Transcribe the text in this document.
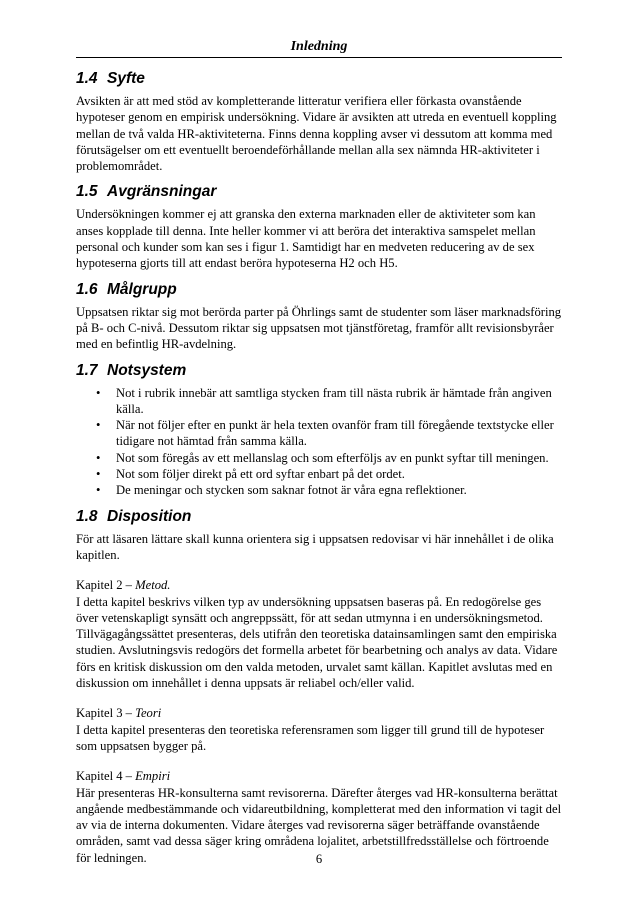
Inledning
1.4 Syfte

Avsikten är att med stöd av kompletterande litteratur verifiera eller förkasta ovanstående hypoteser genom en empirisk undersökning. Vidare är avsikten att utreda en eventuell koppling mellan de två valda HR-aktiviteterna. Finns denna koppling avser vi dessutom att komma med förutsägelser om ett eventuellt beroendeförhållande mellan alla sex nämnda HR-aktiviteter i problemområdet.

1.5 Avgränsningar

Undersökningen kommer ej att granska den externa marknaden eller de aktiviteter som kan anses kopplade till denna. Inte heller kommer vi att beröra det interaktiva samspelet mellan personal och kunder som kan ses i figur 1. Samtidigt har en medveten reducering av de sex hypoteserna gjorts till att endast beröra hypoteserna H2 och H5.

1.6 Målgrupp

Uppsatsen riktar sig mot berörda parter på Öhrlings samt de studenter som läser marknadsföring på B- och C-nivå. Dessutom riktar sig uppsatsen mot tjänstföretag, framför allt revisionsbyråer med en befintlig HR-avdelning.

1.7 Notsystem
• Not i rubrik innebär att samtliga stycken fram till nästa rubrik är hämtade från angiven källa.
• När not följer efter en punkt är hela texten ovanför fram till föregående textstycke eller tidigare not hämtad från samma källa.
• Not som föregås av ett mellanslag och som efterföljs av en punkt syftar till meningen.
• Not som följer direkt på ett ord syftar enbart på det ordet.
• De meningar och stycken som saknar fotnot är våra egna reflektioner.
1.8 Disposition

För att läsaren lättare skall kunna orientera sig i uppsatsen redovisar vi här innehållet i de olika kapitlen.

Kapitel 2 – Metod.

I detta kapitel beskrivs vilken typ av undersökning uppsatsen baseras på. En redogörelse ges över vetenskapligt synsätt och angreppssätt, för att sedan utmynna i en undersökningsmetod. Tillvägagångssättet presenteras, dels utifrån den teoretiska datainsamlingen samt den empiriska studien. Avslutningsvis redogörs det formella arbetet för bearbetning och analys av data. Vidare förs en kritisk diskussion om den valda metoden, urvalet samt källan. Kapitlet avslutas med en diskussion om innehållet i denna uppsats är reliabel och/eller valid.

Kapitel 3 – Teori

I detta kapitel presenteras den teoretiska referensramen som ligger till grund till de hypoteser som uppsatsen bygger på.

Kapitel 4 – Empiri

Här presenteras HR-konsulterna samt revisorerna. Därefter återges vad HR-konsulterna berättat angående medbestämmande och vidareutbildning, kompletterat med den information vi tagit del av via de interna dokumenten. Vidare återges vad revisorerna säger beträffande ovanstående områden, samt vad dessa säger kring områdena lojalitet, arbetstillfredsställelse och förtroende för ledningen.	6
